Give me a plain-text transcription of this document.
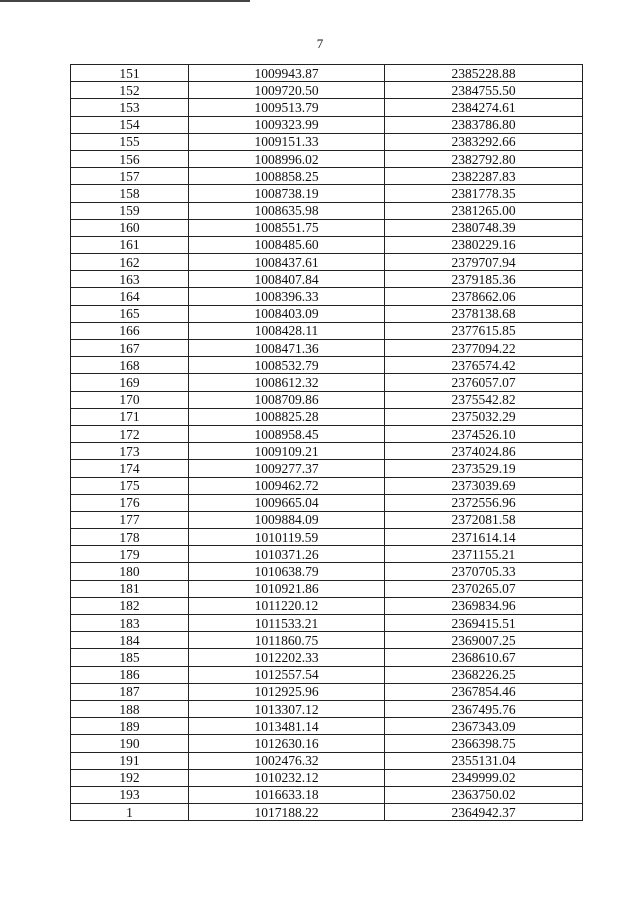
7
151	1009943.87	2385228.88
152	1009720.50	2384755.50
153	1009513.79	2384274.61
154	1009323.99	2383786.80
155	1009151.33	2383292.66
156	1008996.02	2382792.80
157	1008858.25	2382287.83
158	1008738.19	2381778.35
159	1008635.98	2381265.00
160	1008551.75	2380748.39
161	1008485.60	2380229.16
162	1008437.61	2379707.94
163	1008407.84	2379185.36
164	1008396.33	2378662.06
165	1008403.09	2378138.68
166	1008428.11	2377615.85
167	1008471.36	2377094.22
168	1008532.79	2376574.42
169	1008612.32	2376057.07
170	1008709.86	2375542.82
171	1008825.28	2375032.29
172	1008958.45	2374526.10
173	1009109.21	2374024.86
174	1009277.37	2373529.19
175	1009462.72	2373039.69
176	1009665.04	2372556.96
177	1009884.09	2372081.58
178	1010119.59	2371614.14
179	1010371.26	2371155.21
180	1010638.79	2370705.33
181	1010921.86	2370265.07
182	1011220.12	2369834.96
183	1011533.21	2369415.51
184	1011860.75	2369007.25
185	1012202.33	2368610.67
186	1012557.54	2368226.25
187	1012925.96	2367854.46
188	1013307.12	2367495.76
189	1013481.14	2367343.09
190	1012630.16	2366398.75
191	1002476.32	2355131.04
192	1010232.12	2349999.02
193	1016633.18	2363750.02
1	1017188.22	2364942.37
